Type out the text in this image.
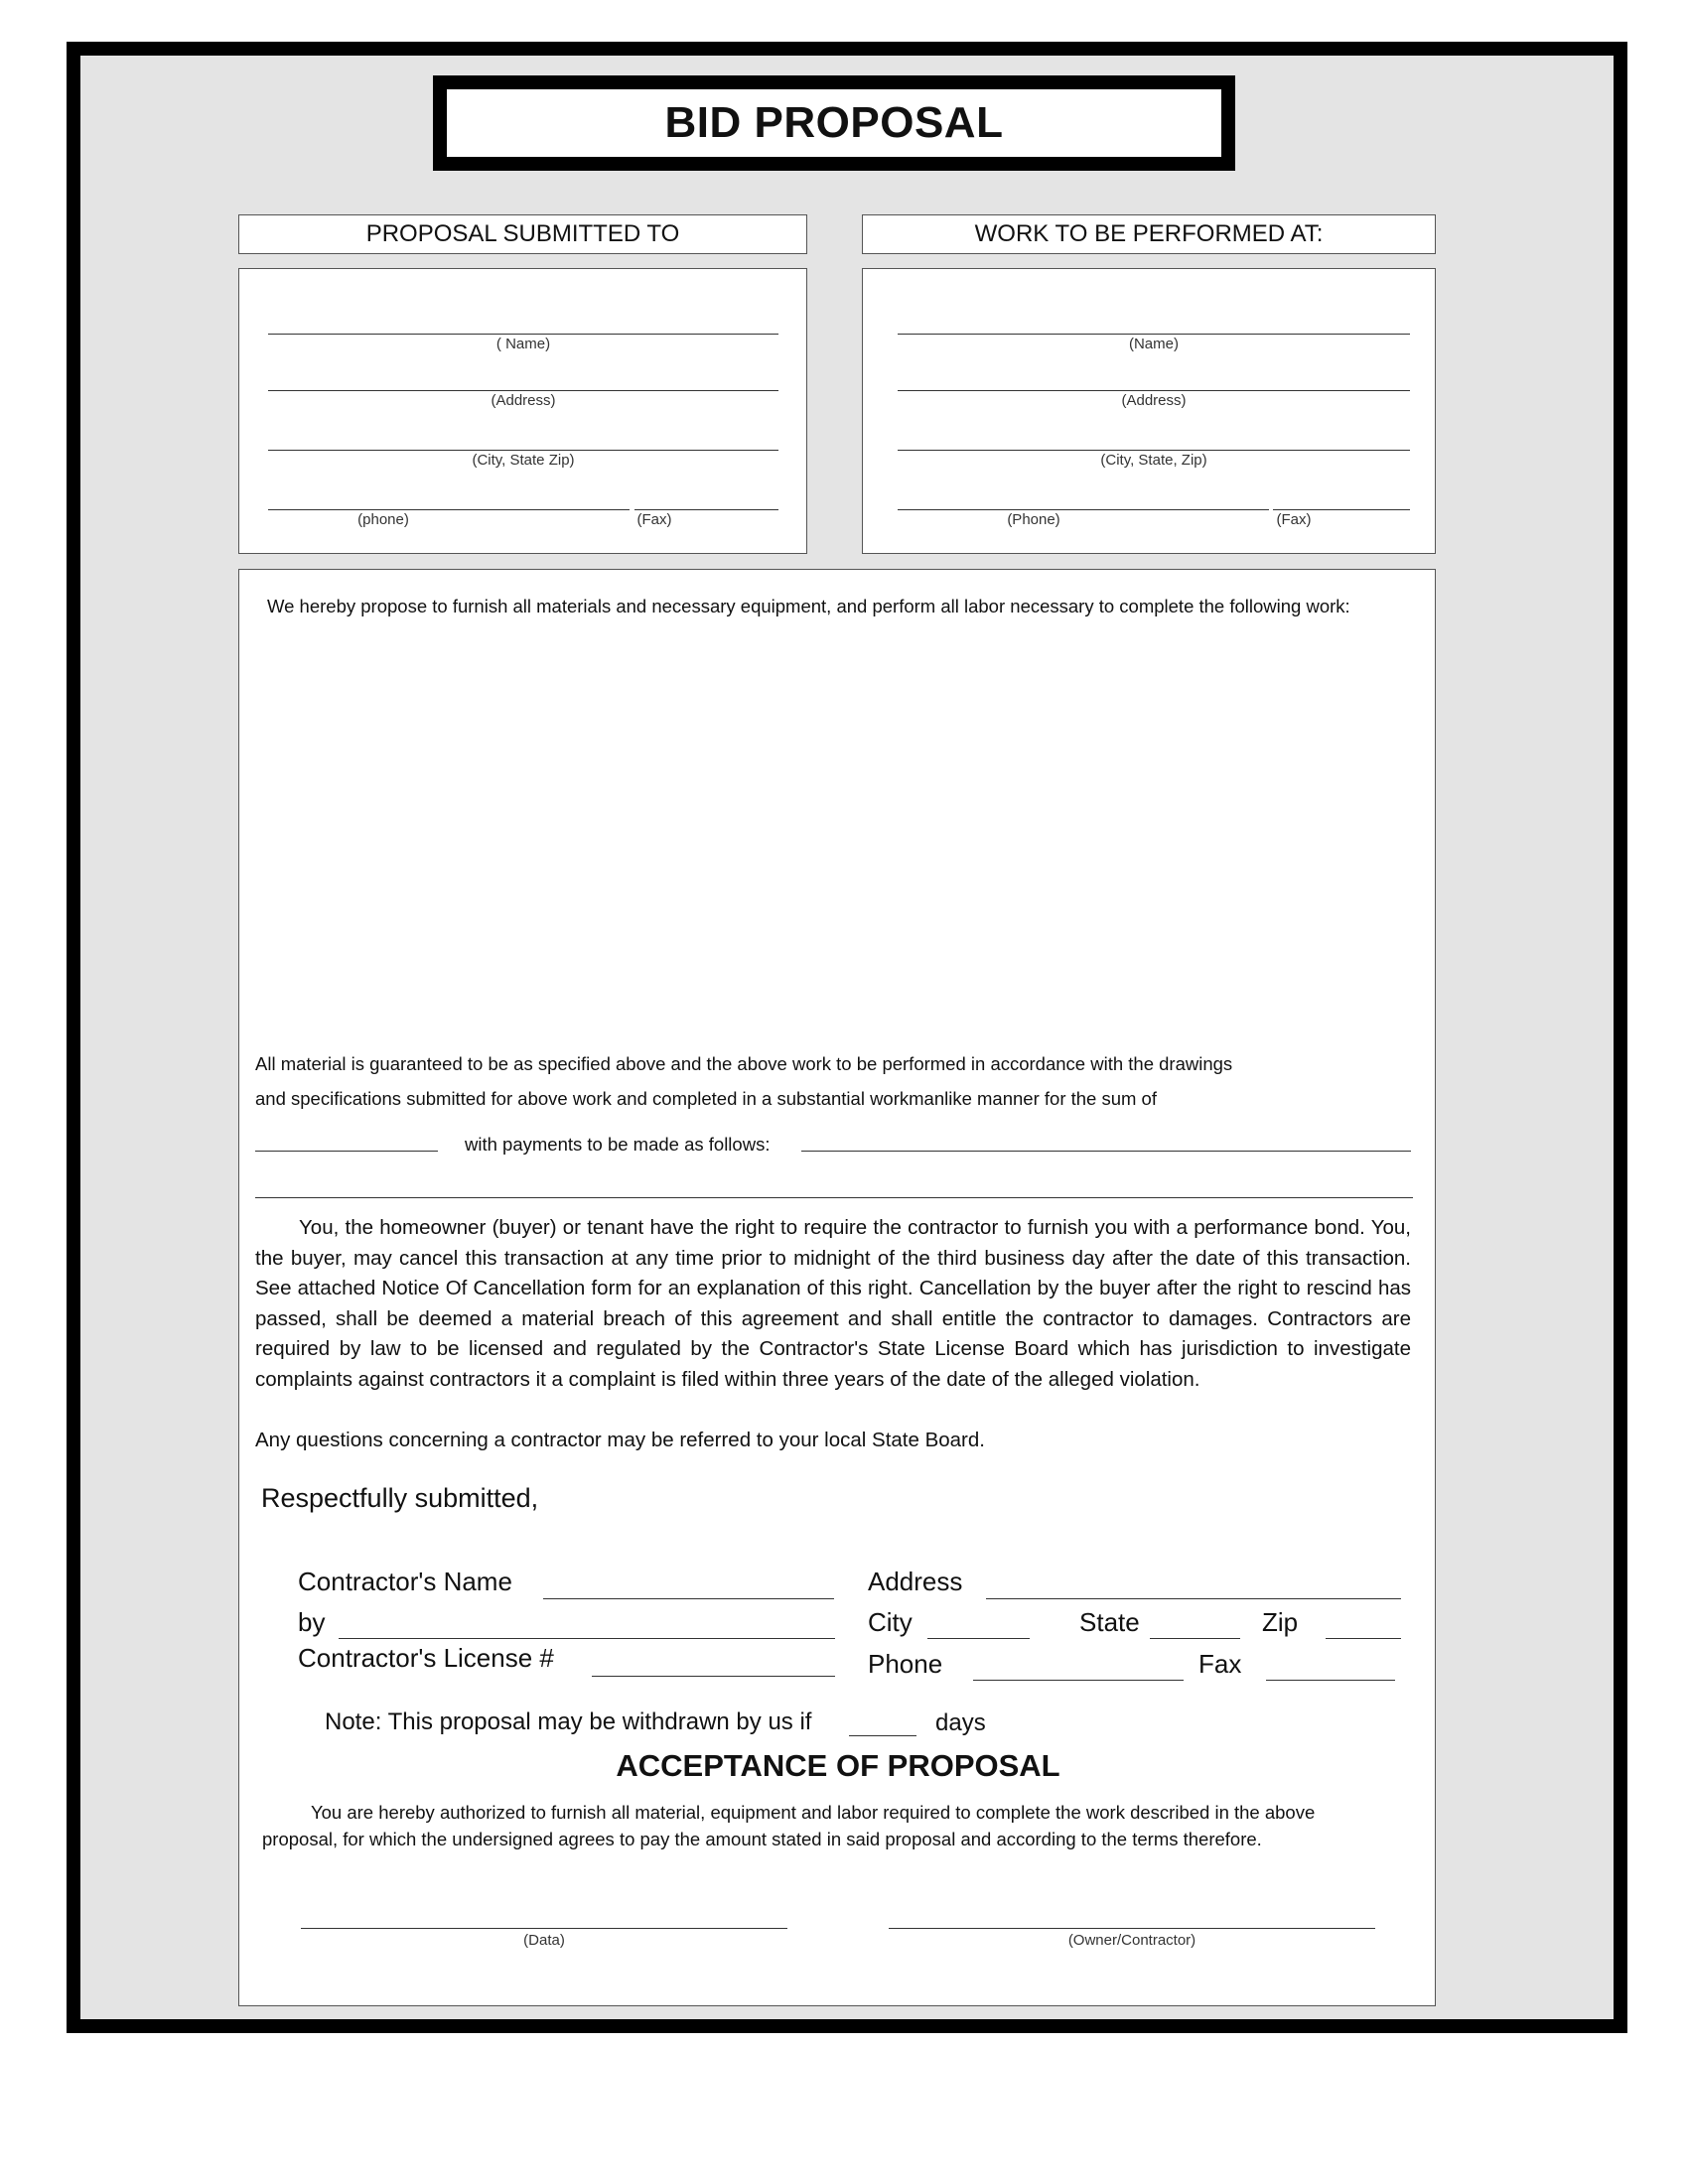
BID PROPOSAL
PROPOSAL SUBMITTED TO	WORK TO BE PERFORMED AT:
( Name)
(Address)
(City, State Zip)
(phone)	(Fax)
(Name)
(Address)
(City, State, Zip)
(Phone)	(Fax)
We hereby propose to furnish all materials and necessary equipment, and perform all labor necessary to complete the following work:
All material is guaranteed to be as specified above and the above work to be performed in accordance with the drawings
and specifications submitted for above work and completed in a substantial workmanlike manner for the sum of
with payments to be made as follows:
You, the homeowner (buyer) or tenant have the right to require the contractor to furnish you with a performance bond. You, the buyer, may cancel this transaction at any time prior to midnight of the third business day after the date of this transaction. See attached Notice Of Cancellation form for an explanation of this right. Cancellation by the buyer after the right to rescind has passed, shall be deemed a material breach of this agreement and shall entitle the contractor to damages. Contractors are required by law to be licensed and regulated by the Contractor's State License Board which has jurisdiction to investigate complaints against contractors it a complaint is filed within three years of the date of the alleged violation.
Any questions concerning a contractor may be referred to your local State Board.
Respectfully submitted,
Contractor's Name
by
Contractor's License #
Address
City	State	Zip
Phone	Fax
Note: This proposal may be withdrawn by us if	days
ACCEPTANCE OF PROPOSAL
You are hereby authorized to furnish all material, equipment and labor required to complete the work described in the above
proposal, for which the undersigned agrees to pay the amount stated in said proposal and according to the terms therefore.
(Data)	(Owner/Contractor)
